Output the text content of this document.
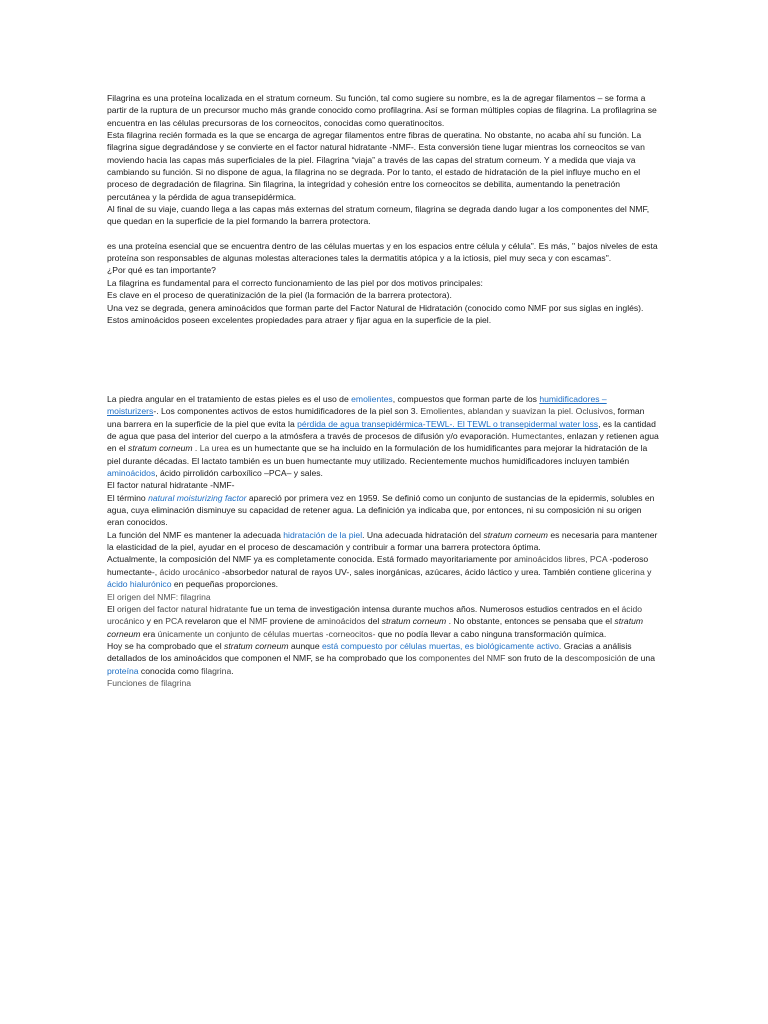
Filagrina es una proteína localizada en el stratum corneum. Su función, tal como sugiere su nombre, es la de agregar filamentos – se forma a partir de la ruptura de un precursor mucho más grande conocido como profilagrina. Así se forman múltiples copias de filagrina. La profilagrina se encuentra en las células precursoras de los corneocitos, conocidas como queratinocitos.

Esta filagrina recién formada es la que se encarga de agregar filamentos entre fibras de queratina. No obstante, no acaba ahí su función. La filagrina sigue degradándose y se convierte en el factor natural hidratante -NMF-. Esta conversión tiene lugar mientras los corneocitos se van moviendo hacia las capas más superficiales de la piel. Filagrina “viaja” a través de las capas del stratum corneum. Y a medida que viaja va cambiando su función. Si no dispone de agua, la filagrina no se degrada. Por lo tanto, el estado de hidratación de la piel influye mucho en el proceso de degradación de filagrina. Sin filagrina, la integridad y cohesión entre los corneocitos se debilita, aumentando la penetración percutánea y la pérdida de agua transepidérmica.

Al final de su viaje, cuando llega a las capas más externas del stratum corneum, filagrina se degrada dando lugar a los componentes del NMF, que quedan en la superficie de la piel formando la barrera protectora.

es una proteína esencial que se encuentra dentro de las células muertas y en los espacios entre célula y célula". Es más, " bajos niveles de esta proteína son responsables de algunas molestas alteraciones tales la dermatitis atópica y a la ictiosis, piel muy seca y con escamas".

¿Por qué es tan importante?

La filagrina es fundamental para el correcto funcionamiento de las piel por dos motivos principales:

Es clave en el proceso de queratinización de la piel (la formación de la barrera protectora).

Una vez se degrada, genera aminoácidos que forman parte del Factor Natural de Hidratación (conocido como NMF por sus siglas en inglés). Estos aminoácidos poseen excelentes propiedades para atraer y fijar agua en la superficie de la piel.

La piedra angular en el tratamiento de estas pieles es el uso de emolientes, compuestos que forman parte de los humidificadores – moisturizers-. Los componentes activos de estos humidificadores de la piel son 3. Emolientes, ablandan y suavizan la piel. Oclusivos, forman una barrera en la superficie de la piel que evita la pérdida de agua transepidérmica-TEWL-. El TEWL o transepidermal water loss, es la cantidad de agua que pasa del interior del cuerpo a la atmósfera a través de procesos de difusión y/o evaporación. Humectantes, enlazan y retienen agua en el stratum corneum . La urea es un humectante que se ha incluido en la formulación de los humidificantes para mejorar la hidratación de la piel durante décadas. El lactato también es un buen humectante muy utilizado. Recientemente muchos humidificadores incluyen también aminoácidos, ácido pirrolidón carboxílico –PCA– y sales.

El factor natural hidratante -NMF-

El término natural moisturizing factor apareció por primera vez en 1959. Se definió como un conjunto de sustancias de la epidermis, solubles en agua, cuya eliminación disminuye su capacidad de retener agua. La definición ya indicaba que, por entonces, ni su composición ni su origen eran conocidos.

La función del NMF es mantener la adecuada hidratación de la piel. Una adecuada hidratación del stratum corneum es necesaria para mantener la elasticidad de la piel, ayudar en el proceso de descamación y contribuir a formar una barrera protectora óptima.

Actualmente, la composición del NMF ya es completamente conocida. Está formado mayoritariamente por aminoácidos libres, PCA -poderoso humectante-, ácido urocánico -absorbedor natural de rayos UV-, sales inorgánicas, azúcares, ácido láctico y urea. También contiene glicerina y ácido hialurónico en pequeñas proporciones.

El origen del NMF: filagrina

El origen del factor natural hidratante fue un tema de investigación intensa durante muchos años. Numerosos estudios centrados en el ácido urocánico y en PCA revelaron que el NMF proviene de aminoácidos del stratum corneum . No obstante, entonces se pensaba que el stratum corneum era únicamente un conjunto de células muertas -corneocitos- que no podía llevar a cabo ninguna transformación química.

Hoy se ha comprobado que el stratum corneum aunque está compuesto por células muertas, es biológicamente activo. Gracias a análisis detallados de los aminoácidos que componen el NMF, se ha comprobado que los componentes del NMF son fruto de la descomposición de una proteína conocida como filagrina.

Funciones de filagrina
